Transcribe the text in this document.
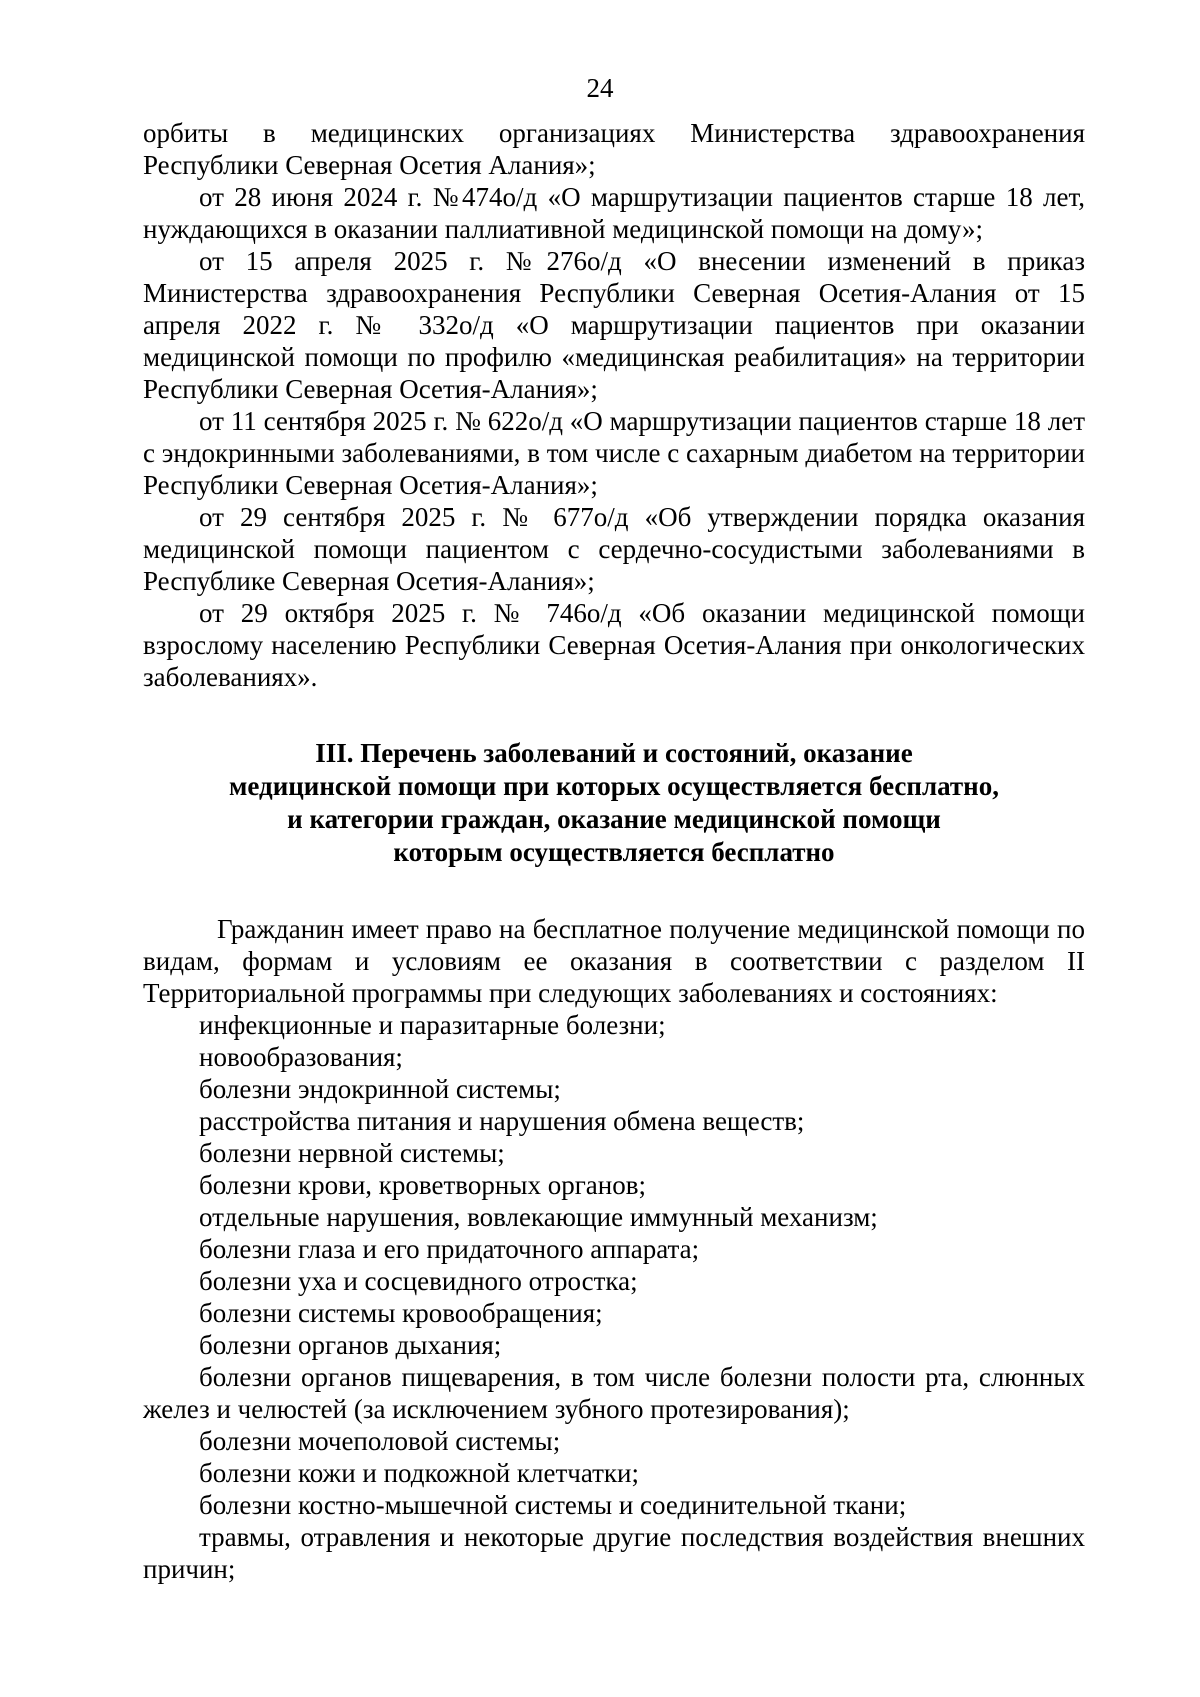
24

орбиты в медицинских организациях Министерства здравоохранения Республики Северная Осетия Алания»;

от 28 июня 2024 г. №474о/д «О маршрутизации пациентов старше 18 лет, нуждающихся в оказании паллиативной медицинской помощи на дому»;

от 15 апреля 2025 г. №276о/д «О внесении изменений в приказ Министерства здравоохранения Республики Северная Осетия-Алания от 15 апреля 2022 г. № 332о/д «О маршрутизации пациентов при оказании медицинской помощи по профилю «медицинская реабилитация» на территории Республики Северная Осетия-Алания»;

от 11 сентября 2025 г. № 622о/д «О маршрутизации пациентов старше 18 лет с эндокринными заболеваниями, в том числе с сахарным диабетом на территории Республики Северная Осетия-Алания»;

от 29 сентября 2025 г. № 677о/д «Об утверждении порядка оказания медицинской помощи пациентом с сердечно-сосудистыми заболеваниями в Республике Северная Осетия-Алания»;

от 29 октября 2025 г. № 746о/д «Об оказании медицинской помощи взрослому населению Республики Северная Осетия-Алания при онкологических заболеваниях».

III. Перечень заболеваний и состояний, оказание
медицинской помощи при которых осуществляется бесплатно,
и категории граждан, оказание медицинской помощи
которым осуществляется бесплатно

Гражданин имеет право на бесплатное получение медицинской помощи по видам, формам и условиям ее оказания в соответствии с разделом II Территориальной программы при следующих заболеваниях и состояниях:

инфекционные и паразитарные болезни;

новообразования;

болезни эндокринной системы;

расстройства питания и нарушения обмена веществ;

болезни нервной системы;

болезни крови, кроветворных органов;

отдельные нарушения, вовлекающие иммунный механизм;

болезни глаза и его придаточного аппарата;

болезни уха и сосцевидного отростка;

болезни системы кровообращения;

болезни органов дыхания;

болезни органов пищеварения, в том числе болезни полости рта, слюнных желез и челюстей (за исключением зубного протезирования);

болезни мочеполовой системы;

болезни кожи и подкожной клетчатки;

болезни костно-мышечной системы и соединительной ткани;

травмы, отравления и некоторые другие последствия воздействия внешних причин;
